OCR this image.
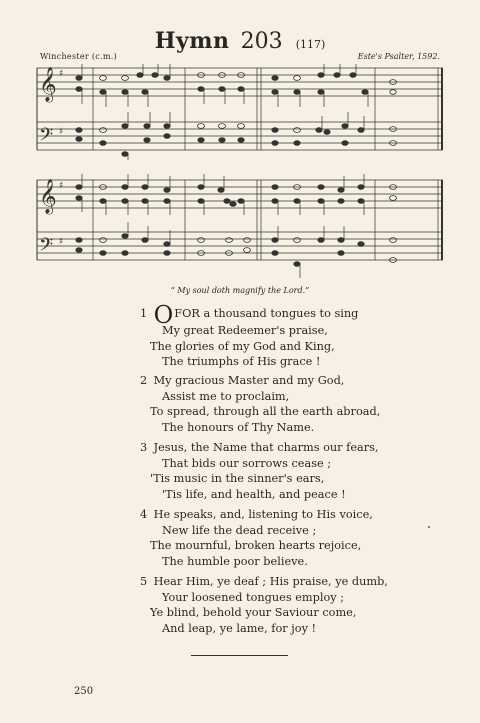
Hymn 203 (117)
Winchester (c.m.)	Este's Psalter, 1592.
𝄞
𝄢
♯
♯
𝄞
𝄢
♯
♯
“ My soul doth magnify the Lord.”
1 OFOR a thousand tongues to sing
My great Redeemer's praise,
The glories of my God and King,
The triumphs of His grace !
2 My gracious Master and my God,
Assist me to proclaim,
To spread, through all the earth abroad,
The honours of Thy Name.
3 Jesus, the Name that charms our fears,
That bids our sorrows cease ;
'Tis music in the sinner's ears,
'Tis life, and health, and peace !
4 He speaks, and, listening to His voice,
New life the dead receive ;
The mournful, broken hearts rejoice,
The humble poor believe.
5 Hear Him, ye deaf ; His praise, ye dumb,
Your loosened tongues employ ;
Ye blind, behold your Saviour come,
And leap, ye lame, for joy !
250
